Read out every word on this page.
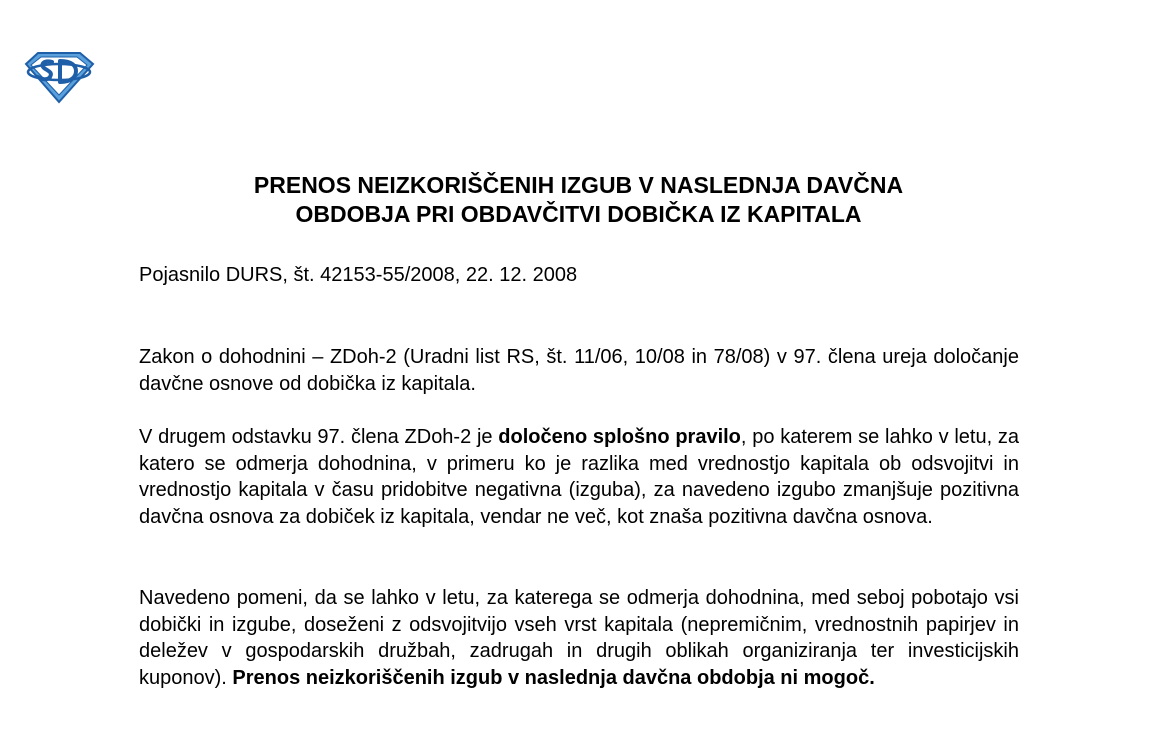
PRENOS NEIZKORIŠČENIH IZGUB V NASLEDNJA DAVČNA
OBDOBJA PRI OBDAVČITVI DOBIČKA IZ KAPITALA

Pojasnilo DURS, št. 42153-55/2008, 22. 12. 2008

Zakon o dohodnini – ZDoh-2 (Uradni list RS, št. 11/06, 10/08 in 78/08) v 97. člena ureja določanje davčne osnove od dobička iz kapitala.

V drugem odstavku 97. člena ZDoh-2 je določeno splošno pravilo, po katerem se lahko v letu, za katero se odmerja dohodnina, v primeru ko je razlika med vrednostjo kapitala ob odsvojitvi in vrednostjo kapitala v času pridobitve negativna (izguba), za navedeno izgubo zmanjšuje pozitivna davčna osnova za dobiček iz kapitala, vendar ne več, kot znaša pozitivna davčna osnova.

Navedeno pomeni, da se lahko v letu, za katerega se odmerja dohodnina, med seboj pobotajo vsi dobički in izgube, doseženi z odsvojitvijo vseh vrst kapitala (nepremičnim, vrednostnih papirjev in deležev v gospodarskih družbah, zadrugah in drugih oblikah organiziranja ter investicijskih kuponov). Prenos neizkoriščenih izgub v naslednja davčna obdobja ni mogoč.
